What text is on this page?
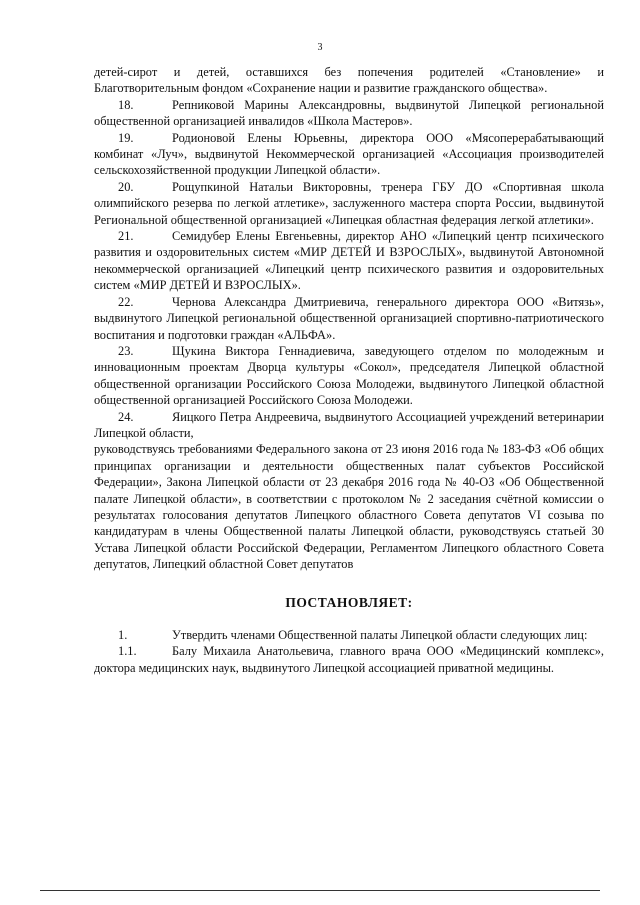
3

детей-сирот и детей, оставшихся без попечения родителей «Становление» и Благотворительным фондом «Сохранение нации и развитие гражданского общества».

18.	Репниковой Марины Александровны, выдвинутой Липецкой региональной общественной организацией инвалидов «Школа Мастеров».

19.	Родионовой Елены Юрьевны, директора ООО «Мясоперерабатывающий комбинат «Луч», выдвинутой Некоммерческой организацией «Ассоциация производителей сельскохозяйственной продукции Липецкой области».

20.	Рощупкиной Натальи Викторовны, тренера ГБУ ДО «Спортивная школа олимпийского резерва по легкой атлетике», заслуженного мастера спорта России, выдвинутой Региональной общественной организацией «Липецкая областная федерация легкой атлетики».

21.	Семидубер Елены Евгеньевны, директор АНО «Липецкий центр психического развития и оздоровительных систем «МИР ДЕТЕЙ И ВЗРОСЛЫХ», выдвинутой Автономной некоммерческой организацией «Липецкий центр психического развития и оздоровительных систем «МИР ДЕТЕЙ И ВЗРОСЛЫХ».

22.	Чернова Александра Дмитриевича, генерального директора ООО «Витязь», выдвинутого Липецкой региональной общественной организацией спортивно-патриотического воспитания и подготовки граждан «АЛЬФА».

23.	Щукина Виктора Геннадиевича, заведующего отделом по молодежным и инновационным проектам Дворца культуры «Сокол», председателя Липецкой областной общественной организации Российского Союза Молодежи, выдвинутого Липецкой областной общественной организацией Российского Союза Молодежи.

24.	Яицкого Петра Андреевича, выдвинутого Ассоциацией учреждений ветеринарии Липецкой области,

руководствуясь требованиями Федерального закона от 23 июня 2016 года № 183-ФЗ «Об общих принципах организации и деятельности общественных палат субъектов Российской Федерации», Закона Липецкой области от 23 декабря 2016 года № 40-ОЗ «Об Общественной палате Липецкой области», в соответствии с протоколом № 2 заседания счётной комиссии о результатах голосования депутатов Липецкого областного Совета депутатов VI созыва по кандидатурам в члены Общественной палаты Липецкой области, руководствуясь статьей 30 Устава Липецкой области Российской Федерации, Регламентом Липецкого областного Совета депутатов, Липецкий областной Совет депутатов

ПОСТАНОВЛЯЕТ:

1.	Утвердить членами Общественной палаты Липецкой области следующих лиц:

1.1.	Балу Михаила Анатольевича, главного врача ООО «Медицинский комплекс», доктора медицинских наук, выдвинутого Липецкой ассоциацией приватной медицины.
